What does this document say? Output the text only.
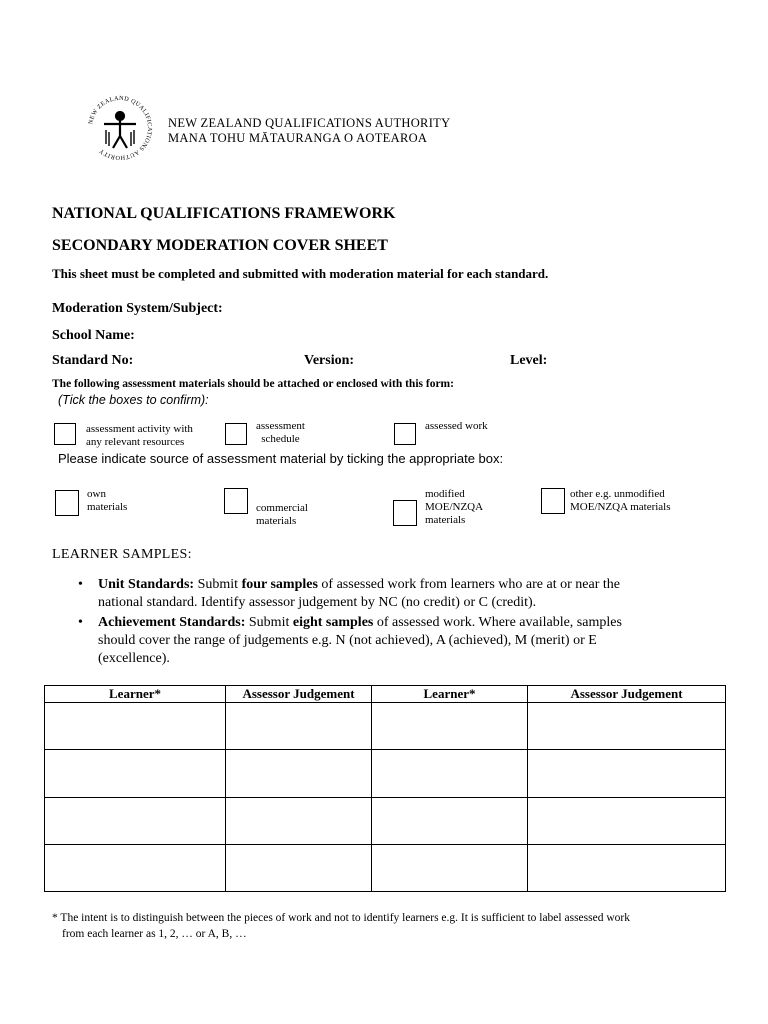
NEW ZEALAND QUALIFICATIONS AUTHORITY
NEW ZEALAND QUALIFICATIONS AUTHORITY
MANA TOHU MĀTAURANGA O AOTEAROA
NATIONAL QUALIFICATIONS FRAMEWORK
SECONDARY MODERATION COVER SHEET
This sheet must be completed and submitted with moderation material for each standard.
Moderation System/Subject:
School Name:
Standard No:	Version:	Level:
The following assessment materials should be attached or enclosed with this form:
(Tick the boxes to confirm):
assessment activity with
any relevant resources
assessment
schedule
assessed work
Please indicate source of assessment material by ticking the appropriate box:
own
materials	commercial
materials
modified
MOE/NZQA
materials
other e.g. unmodified
MOE/NZQA materials
LEARNER SAMPLES:
• Unit Standards: Submit four samples of assessed work from learners who are at or near the
national standard. Identify assessor judgement by NC (no credit) or C (credit).
• Achievement Standards: Submit eight samples of assessed work. Where available, samples
should cover the range of judgements e.g. N (not achieved), A (achieved), M (merit) or E
(excellence).
Learner*	Assessor Judgement	Learner*	Assessor Judgement

* The intent is to distinguish between the pieces of work and not to identify learners e.g. It is sufficient to label assessed work
from each learner as 1, 2, … or A, B, …
